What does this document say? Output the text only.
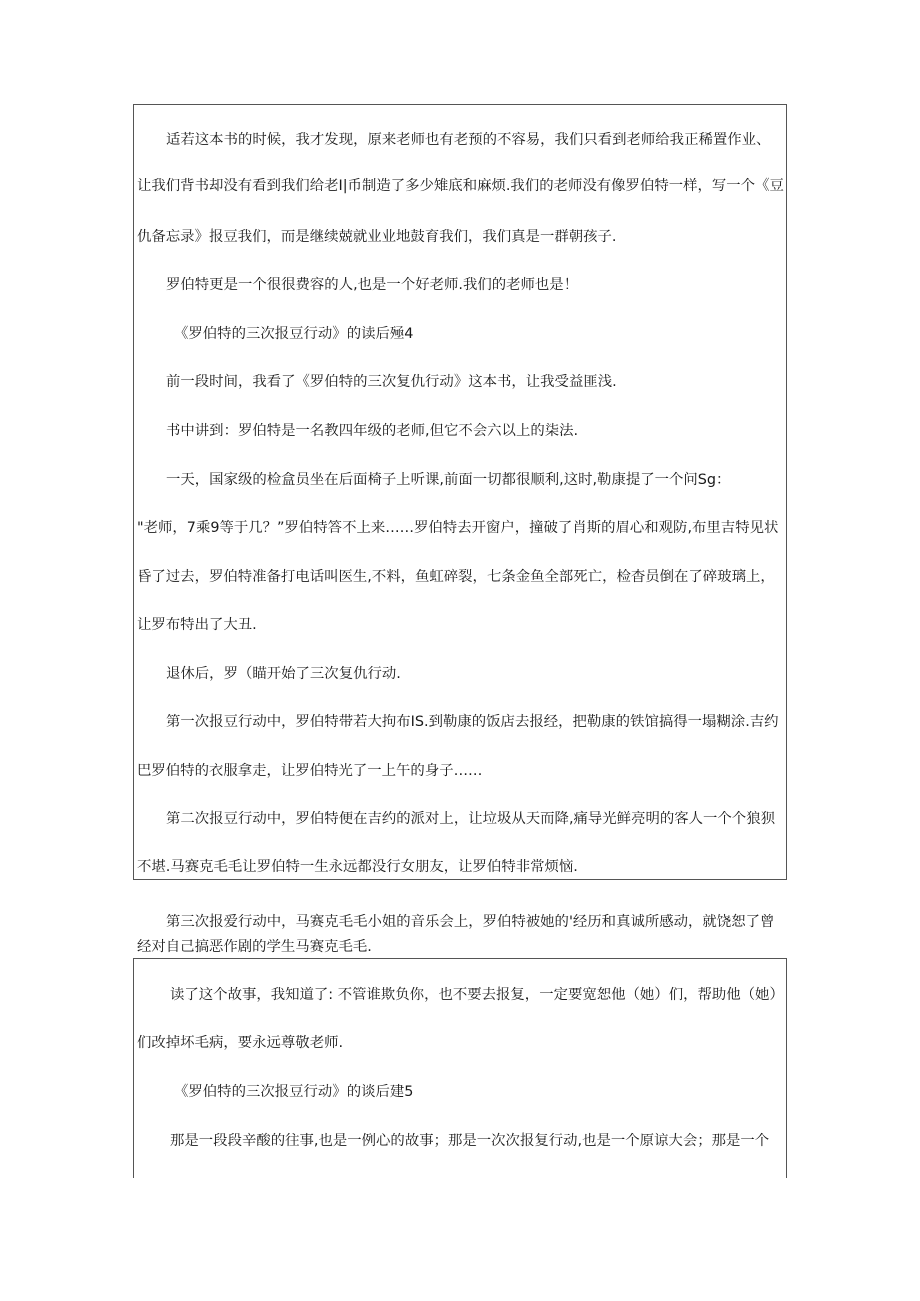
适若这本书的时候，我才发现，原来老师也有老预的不容易，我们只看到老师给我正稀置作业、
让我们背书却没有看到我们给老I|币制造了多少雉底和麻烦.我们的老师没有像罗伯特一样，写一个《豆
仇备忘录》报豆我们，而是继续兢就业业地鼓育我们，我们真是一群朝孩子.
罗伯特更是一个很很费容的人,也是一个好老师.我们的老师也是！
《罗伯特的三次报豆行动》的读后殛4
前一段时间，我看了《罗伯特的三次复仇行动》这本书，让我受益匪浅.
书中讲到：罗伯特是一名教四年级的老师,但它不会六以上的柒法.
一天，国家级的检盒员坐在后面椅子上听课,前面一切都很顺利,这时,勒康提了一个问Sg：
"老师，7乘9等于几？”罗伯特答不上来……罗伯特去开窗户，撞破了肖斯的眉心和观防,布里吉特见状
昏了过去，罗伯特准备打电话叫医生,不料，鱼虹碎裂，七条金鱼全部死亡，检杳员倒在了碎玻璃上，
让罗布特出了大丑.
退休后，罗（瞄开始了三次复仇行动.
第一次报豆行动中，罗伯特带若大拘布IS.到勒康的饭店去报经，把勒康的铁馆搞得一塌糊涂.吉约
巴罗伯特的衣服拿走，让罗伯特光了一上午的身子……
第二次报豆行动中，罗伯特便在吉约的派对上，让垃圾从天而降,痛导光鲜亮明的客人一个个狼狈
不堪.马赛克毛毛让罗伯特一生永远都没行女朋友，让罗伯特非常烦恼.
第三次报爱行动中，马赛克毛毛小姐的音乐会上，罗伯特被她的'经历和真诚所感动，就饶恕了曾
经对自己搞恶作剧的学生马赛克毛毛.
读了这个故事，我知道了: 不管谁欺负你，也不要去报复，一定要宽恕他（她）们，帮助他（她）
们改掉坏毛病，要永远尊敬老师.
《罗伯特的三次报豆行动》的谈后建5
那是一段段辛酸的往事,也是一例心的故事；那是一次次报复行动,也是一个原谅大会；那是一个
